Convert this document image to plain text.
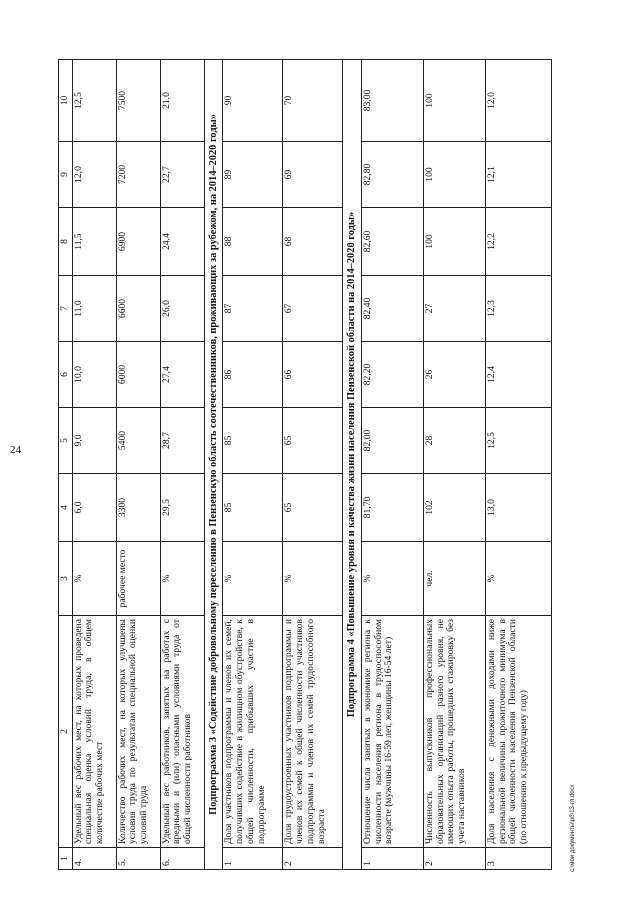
24
1	2	3	4	5	6	7	8	9	10
4.	Удельный вес рабочих мест, на которых проведена специальная оценка условий труда, в общем количестве рабочих мест	%	6,0	9,0	10,0	11,0	11,5	12,0	12,5
5.	Количество рабочих мест, на которых улучшены условия труда по результатам специальной оценки условий труда	рабочее место	3300	5400	6000	6600	6900	7200	7500
6.	Удельный вес работников, занятых на работах с вредными и (или) опасными условиями труда от общей численности работников	%	29,5	28,7	27,4	26,0	24,4	22,7	21,0
Подпрограмма 3 «Содействие добровольному переселению в Пензенскую область соотечественников, проживающих за рубежом, на 2014–2020 годы»									
1	Доля участников подпрограммы и членов их семей, получивших содействие в жилищном обустройстве, к общей численности, прибывших участие в подпрограмме	%	85	85	86	87	88	89	90
2	Доля трудоустроенных участников подпрограммы и членов их семей к общей численности участников подпрограммы и членов их семей трудоспособного возраста	%	65	65	66	67	68	69	70
Подпрограмма 4 «Повышение уровня и качества жизни населения Пензенской области на 2014–2020 годы»									
1	Отношение числа занятых в экономике региона к численности населения региона в трудоспособном возрасте (мужчины 16-59 лет, женщины 16-54 лет)	%	81,70	82,00	82,20	82,40	82,60	82,80	83,00
2	Численность выпускников профессиональных образовательных организаций разного уровня, не имеющих опыта работы, прошедших стажировку без учета наставников	чел.	102	28	26	27	100	100	100
3	Доля населения с денежными доходами ниже региональной величины прожиточного минимума в общей численности населения Пензенской области (по отношению к предыдущему году)	%	13,0	12,5	12,4	12,3	12,2	12,1	12,0
c:\мои документы\рб\13-гп.docx
